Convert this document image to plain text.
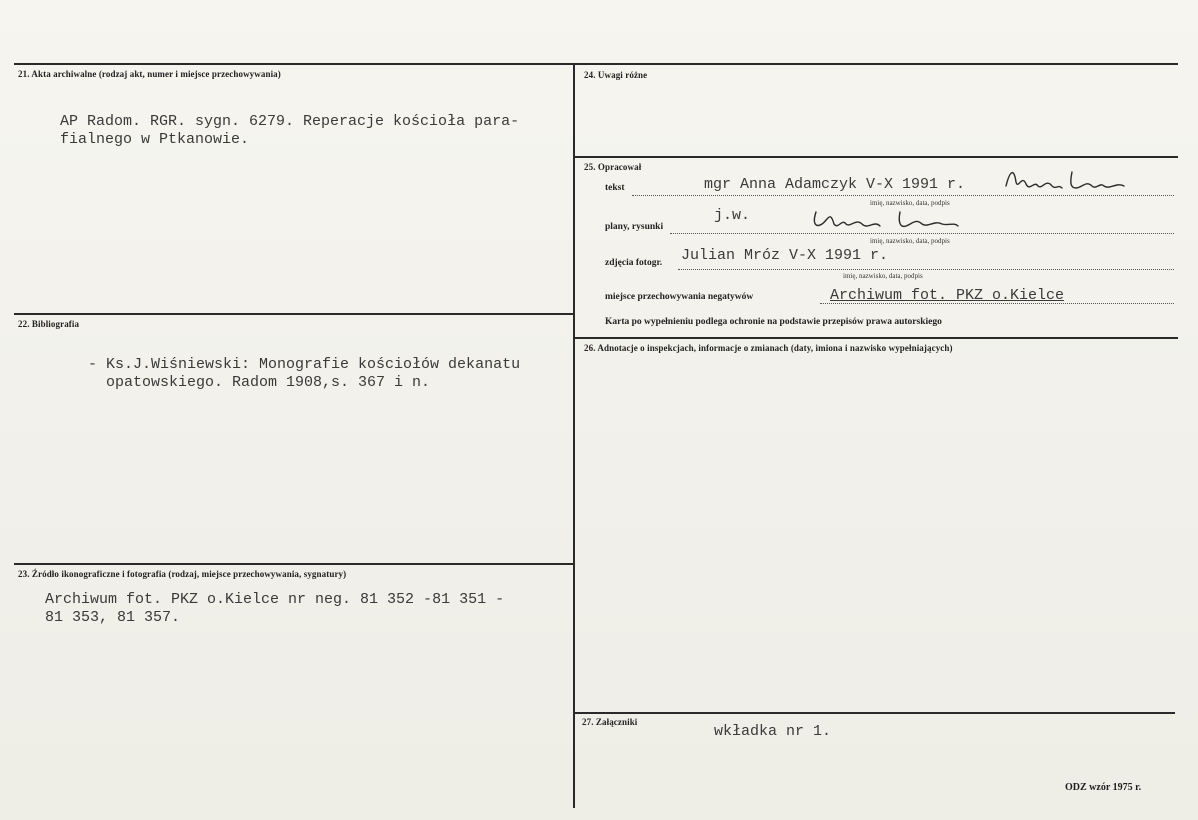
21. Akta archiwalne (rodzaj akt, numer i miejsce przechowywania)
AP Radom. RGR. sygn. 6279. Reperacje kościoła para-
fialnego w Ptkanowie.
22. Bibliografia
- Ks.J.Wiśniewski: Monografie kościołów dekanatu
opatowskiego. Radom 1908,s. 367 i n.
23. Źródło ikonograficzne i fotografia (rodzaj, miejsce przechowywania, sygnatury)
Archiwum fot. PKZ o.Kielce nr neg. 81 352 -81 351 -
81 353, 81 357.
24. Uwagi różne
25. Opracował
tekst	mgr Anna Adamczyk V-X 1991 r.
imię, nazwisko, data, podpis
plany, rysunki
j.w.
imię, nazwisko, data, podpis
zdjęcia fotogr. Julian Mróz V-X 1991 r.
imię, nazwisko, data, podpis
miejsce przechowywania negatywów	Archiwum fot. PKZ o.Kielce
Karta po wypełnieniu podlega ochronie na podstawie przepisów prawa autorskiego
26. Adnotacje o inspekcjach, informacje o zmianach (daty, imiona i nazwisko wypełniających)
27. Załączniki
wkładka nr 1.
ODZ wzór 1975 r.
